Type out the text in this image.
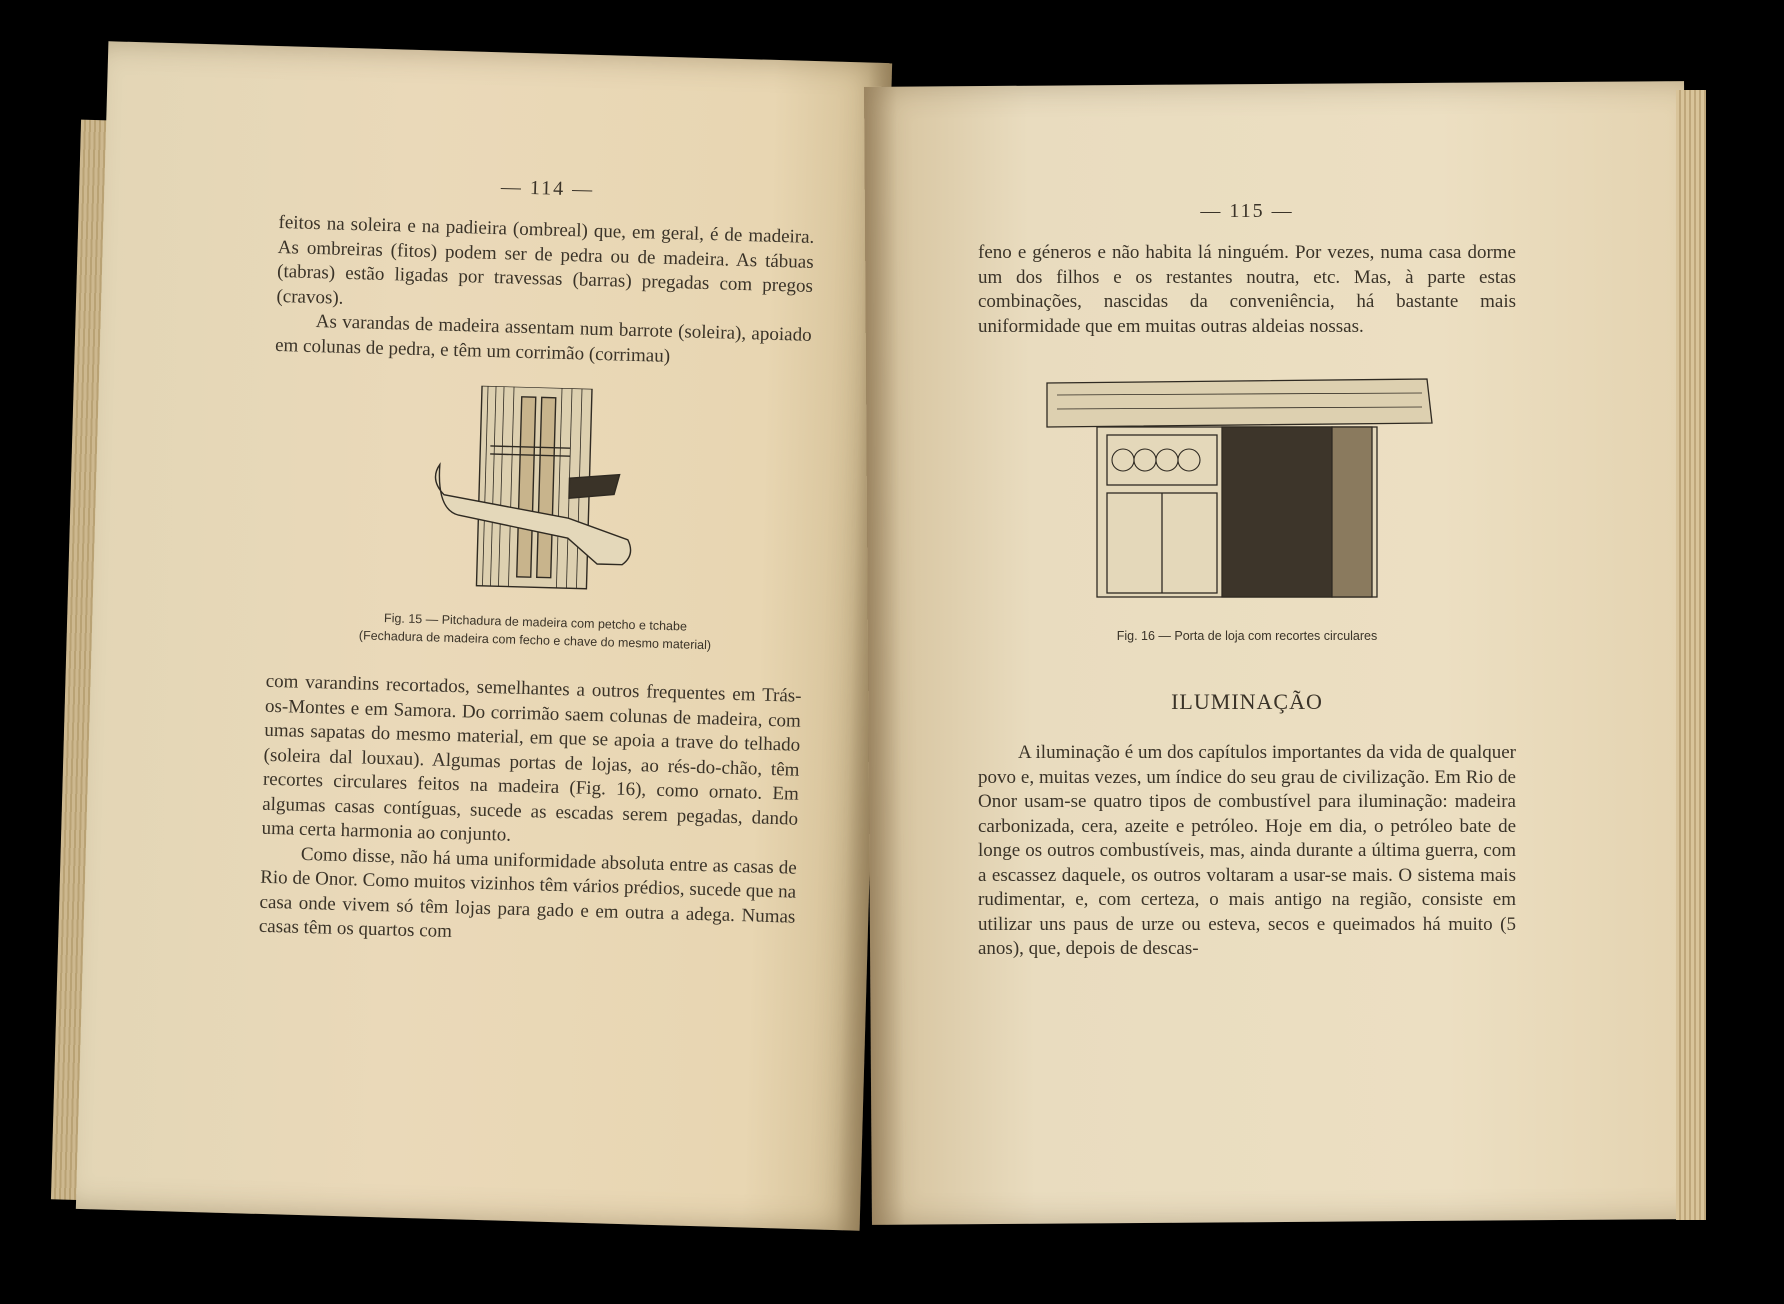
— 114 —

feitos na soleira e na padieira (ombreal) que, em geral, é de madeira. As ombreiras (fitos) podem ser de pedra ou de madeira. As tábuas (tabras) estão ligadas por travessas (barras) pregadas com pregos (cravos).

As varandas de madeira assentam num barrote (soleira), apoiado em colunas de pedra, e têm um corrimão (corrimau)

Fig. 15 — Pitchadura de madeira com petcho e tchabe
(Fechadura de madeira com fecho e chave do mesmo material)

com varandins recortados, semelhantes a outros frequentes em Trás-os-Montes e em Samora. Do corrimão saem colunas de madeira, com umas sapatas do mesmo material, em que se apoia a trave do telhado (soleira dal louxau). Algumas portas de lojas, ao rés-do-chão, têm recortes circulares feitos na madeira (Fig. 16), como ornato. Em algumas casas contíguas, sucede as escadas serem pegadas, dando uma certa harmonia ao conjunto.

Como disse, não há uma uniformidade absoluta entre as casas de Rio de Onor. Como muitos vizinhos têm vários prédios, sucede que na casa onde vivem só têm lojas para gado e em outra a adega. Numas casas têm os quartos com

— 115 —

feno e géneros e não habita lá ninguém. Por vezes, numa casa dorme um dos filhos e os restantes noutra, etc. Mas, à parte estas combinações, nascidas da conveniência, há bastante mais uniformidade que em muitas outras aldeias nossas.

Fig. 16 — Porta de loja com recortes circulares
ILUMINAÇÃO

A iluminação é um dos capítulos importantes da vida de qualquer povo e, muitas vezes, um índice do seu grau de civilização. Em Rio de Onor usam-se quatro tipos de combustível para iluminação: madeira carbonizada, cera, azeite e petróleo. Hoje em dia, o petróleo bate de longe os outros combustíveis, mas, ainda durante a última guerra, com a escassez daquele, os outros voltaram a usar-se mais. O sistema mais rudimentar, e, com certeza, o mais antigo na região, consiste em utilizar uns paus de urze ou esteva, secos e queimados há muito (5 anos), que, depois de descas-
